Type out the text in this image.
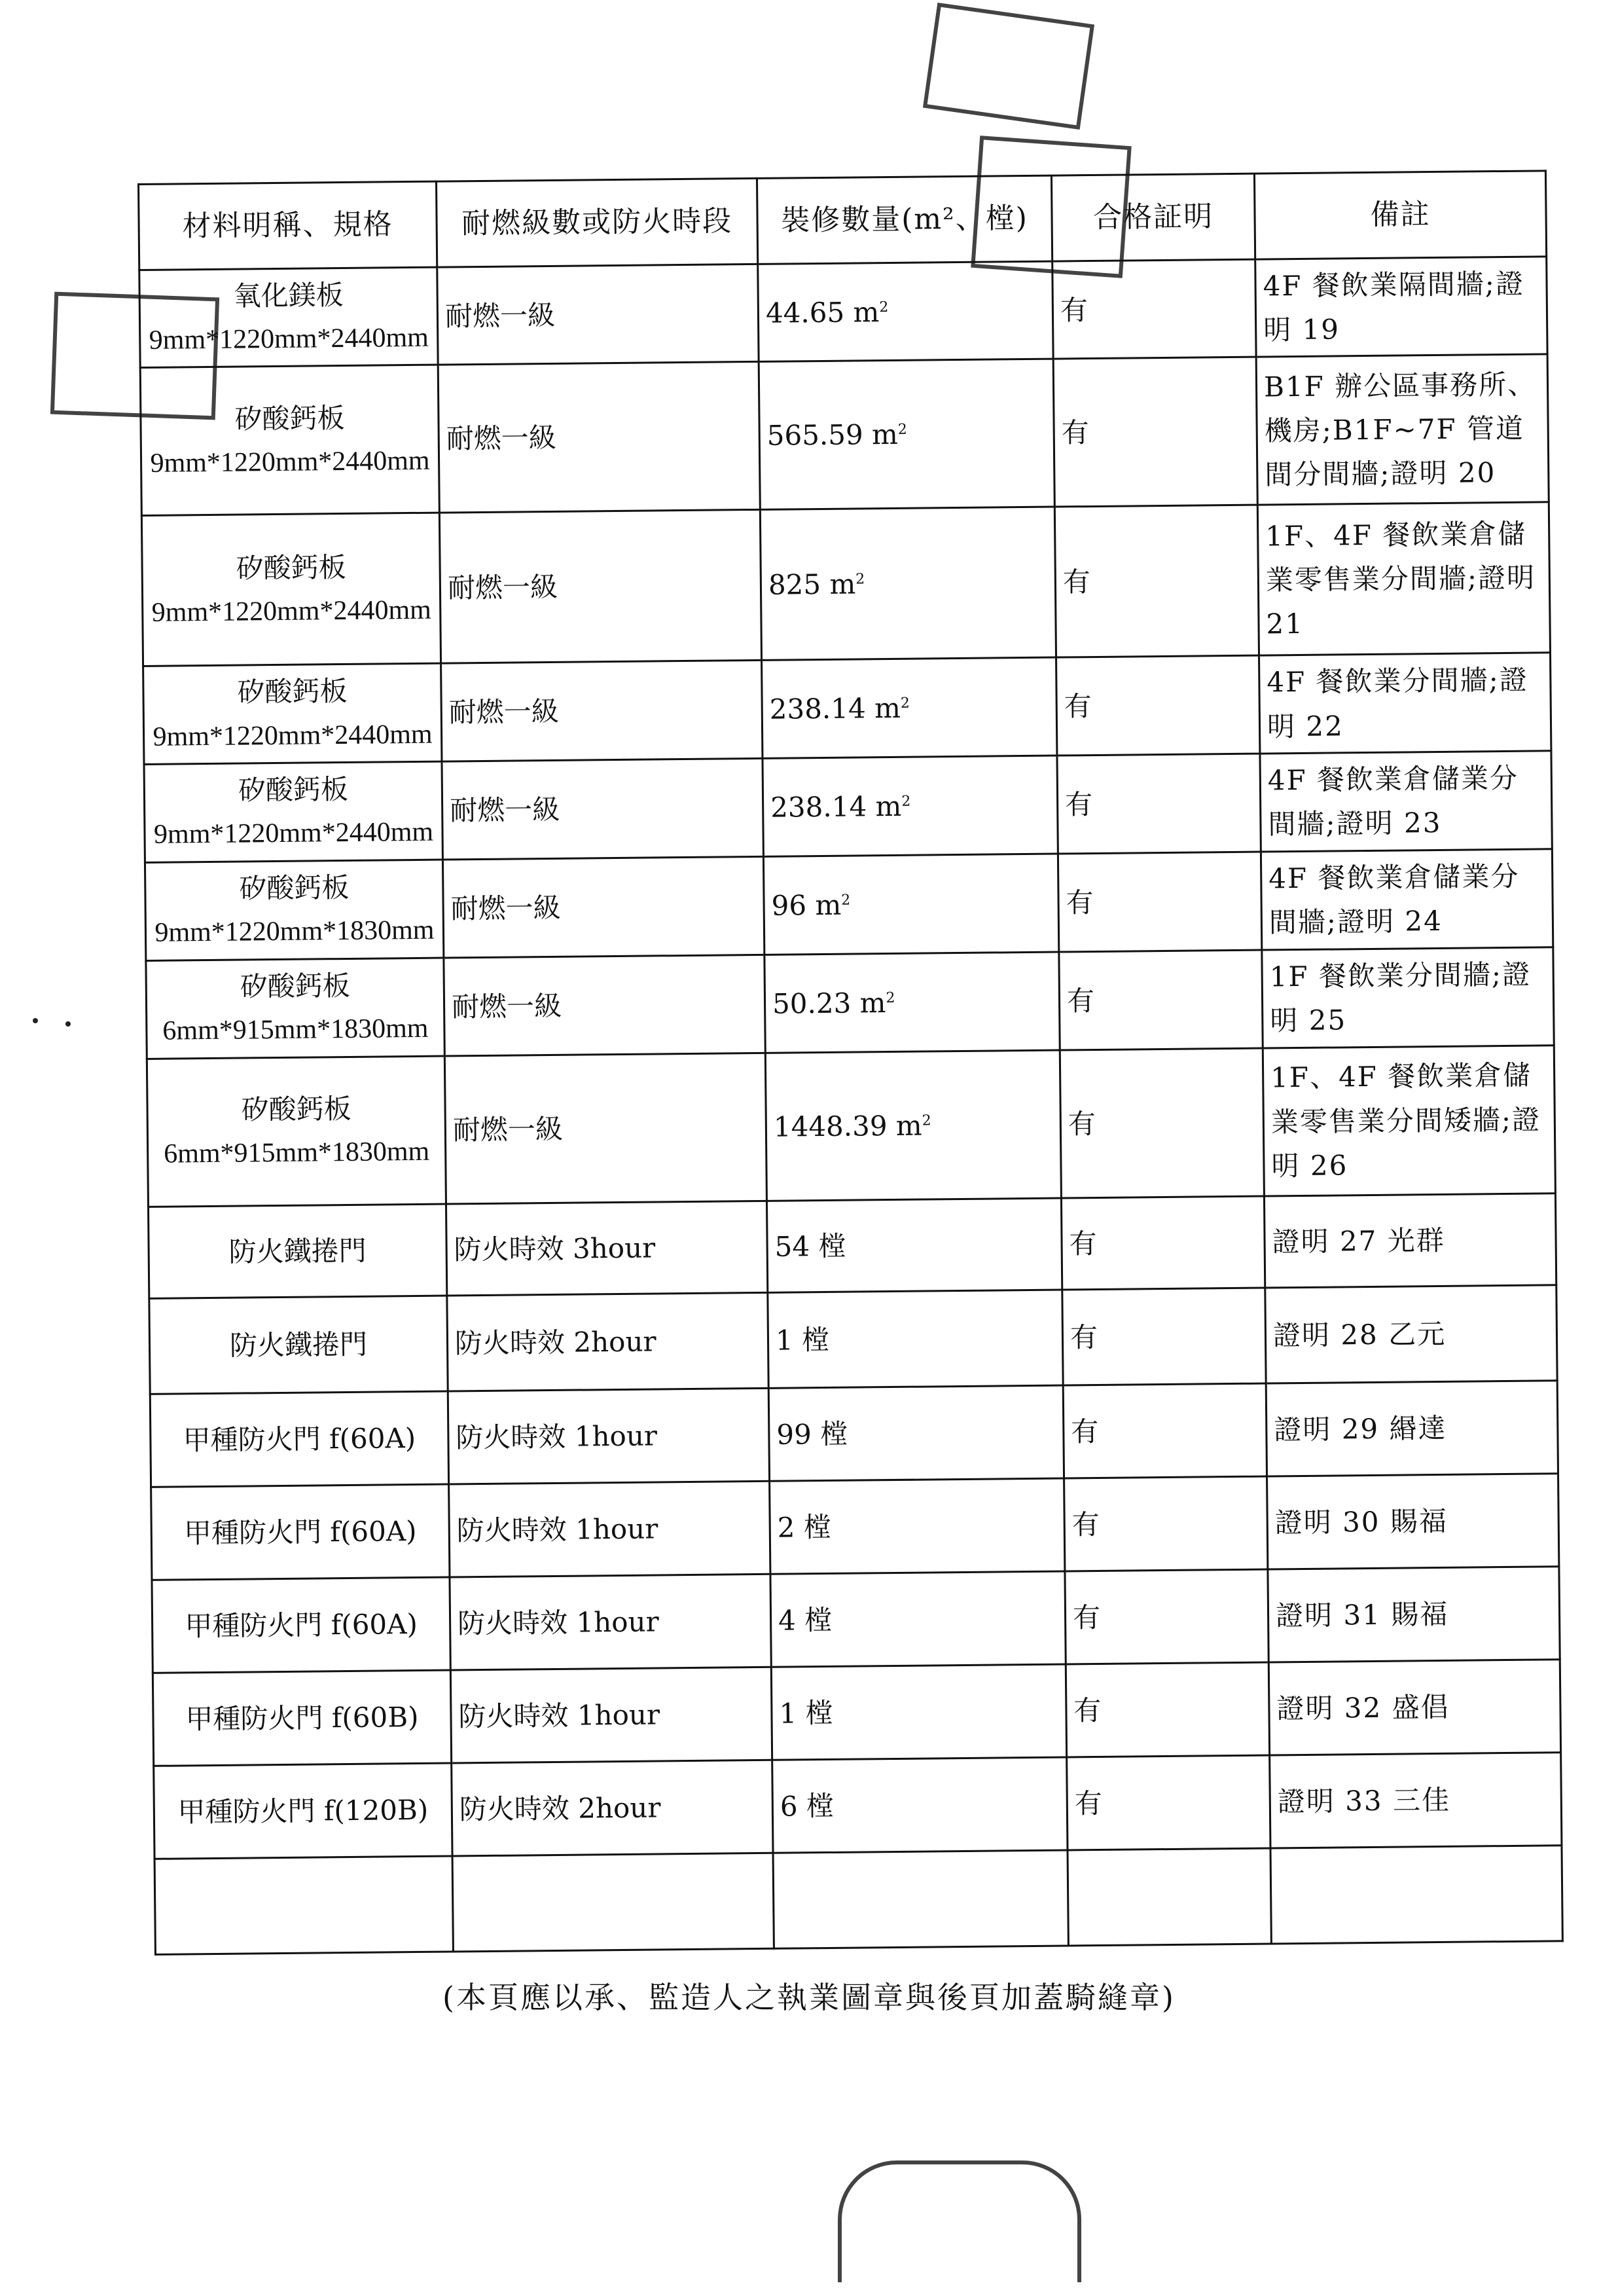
材料明稱、規格	耐燃級數或防火時段	裝修數量(m²、樘)	合格証明	備註

氧化鎂板
9mm*1220mm*2440mm	耐燃一級	44.65 $m^2$	有	4F 餐飲業隔間牆;證明 19

矽酸鈣板
9mm*1220mm*2440mm	耐燃一級	565.59 $m^2$	有	B1F 辦公區事務所、機房;B1F~7F 管道間分間牆;證明 20

矽酸鈣板
9mm*1220mm*2440mm	耐燃一級	825 $m^2$	有	1F、4F 餐飲業倉儲業零售業分間牆;證明 21

矽酸鈣板
9mm*1220mm*2440mm	耐燃一級	238.14 $m^2$	有	4F 餐飲業分間牆;證明 22

矽酸鈣板
9mm*1220mm*2440mm	耐燃一級	238.14 $m^2$	有	4F 餐飲業倉儲業分間牆;證明 23

矽酸鈣板
9mm*1220mm*1830mm	耐燃一級	96 $m^2$	有	4F 餐飲業倉儲業分間牆;證明 24

矽酸鈣板
6mm*915mm*1830mm	耐燃一級	50.23 $m^2$	有	1F 餐飲業分間牆;證明 25

矽酸鈣板
6mm*915mm*1830mm	耐燃一級	1448.39 $m^2$	有	1F、4F 餐飲業倉儲業零售業分間矮牆;證明 26

防火鐵捲門	防火時效 3hour	54 樘	有	證明 27 光群

防火鐵捲門	防火時效 2hour	1 樘	有	證明 28 乙元

甲種防火門 f(60A)	防火時效 1hour	99 樘	有	證明 29 緡達

甲種防火門 f(60A)	防火時效 1hour	2 樘	有	證明 30 賜福

甲種防火門 f(60A)	防火時效 1hour	4 樘	有	證明 31 賜福

甲種防火門 f(60B)	防火時效 1hour	1 樘	有	證明 32 盛倡

甲種防火門 f(120B)	防火時效 2hour	6 樘	有	證明 33 三佳

(本頁應以承、監造人之執業圖章與後頁加蓋騎縫章)
